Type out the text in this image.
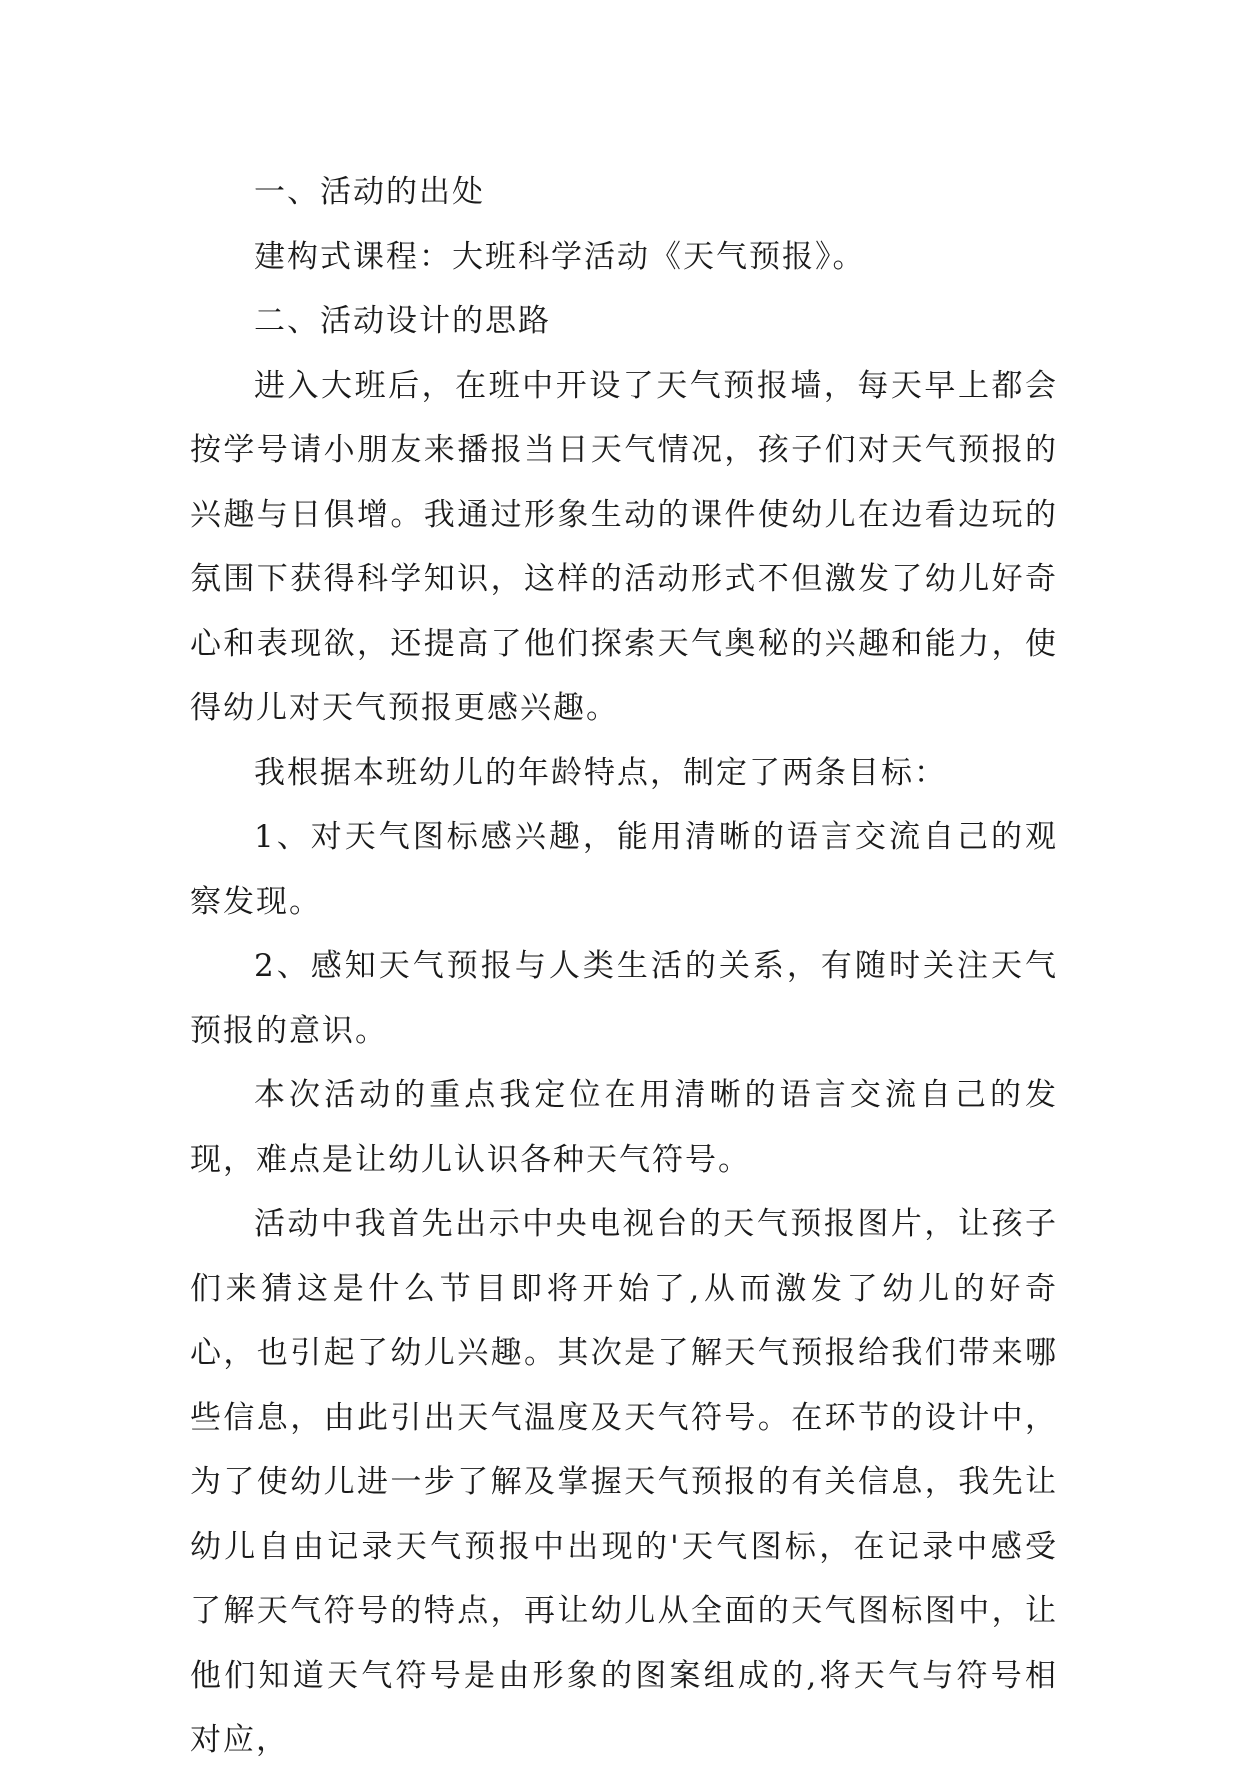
一、活动的出处

建构式课程：大班科学活动《天气预报》。

二、活动设计的思路

进入大班后，在班中开设了天气预报墙，每天早上都会按学号请小朋友来播报当日天气情况，孩子们对天气预报的兴趣与日俱增。我通过形象生动的课件使幼儿在边看边玩的氛围下获得科学知识，这样的活动形式不但激发了幼儿好奇心和表现欲，还提高了他们探索天气奥秘的兴趣和能力，使得幼儿对天气预报更感兴趣。

我根据本班幼儿的年龄特点，制定了两条目标：

1、对天气图标感兴趣，能用清晰的语言交流自己的观察发现。

2、感知天气预报与人类生活的关系，有随时关注天气预报的意识。

本次活动的重点我定位在用清晰的语言交流自己的发现，难点是让幼儿认识各种天气符号。

活动中我首先出示中央电视台的天气预报图片，让孩子们来猜这是什么节目即将开始了,从而激发了幼儿的好奇心，也引起了幼儿兴趣。其次是了解天气预报给我们带来哪些信息，由此引出天气温度及天气符号。在环节的设计中，为了使幼儿进一步了解及掌握天气预报的有关信息，我先让幼儿自由记录天气预报中出现的'天气图标，在记录中感受了解天气符号的特点，再让幼儿从全面的天气图标图中，让他们知道天气符号是由形象的图案组成的,将天气与符号相对应，
